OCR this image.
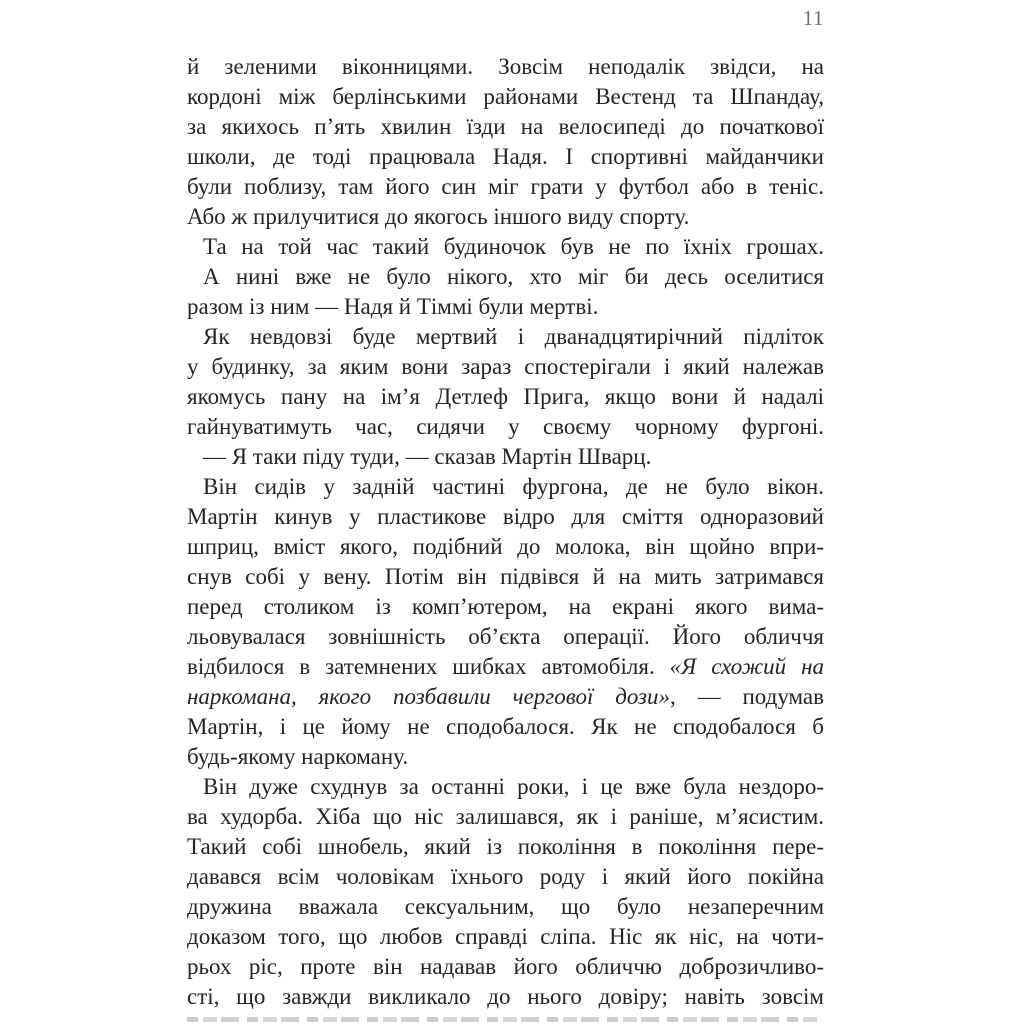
11

й зеленими віконницями. Зовсім неподалік звідси, на
кордоні між берлінськими районами Вестенд та Шпандау,
за якихось п’ять хвилин їзди на велосипеді до початкової
школи, де тоді працювала Надя. І спортивні майданчики
були поблизу, там його син міг грати у футбол або в теніс.
Або ж прилучитися до якогось іншого виду спорту.

Та на той час такий будиночок був не по їхніх грошах.

А нині вже не було нікого, хто міг би десь оселитися
разом із ним — Надя й Тіммі були мертві.

Як невдовзі буде мертвий і дванадцятирічний підліток
у будинку, за яким вони зараз спостерігали і який належав
якомусь пану на ім’я Детлеф Прига, якщо вони й надалі
гайнуватимуть час, сидячи у своєму чорному фургоні.

— Я таки піду туди, — сказав Мартін Шварц.

Він сидів у задній частині фургона, де не було вікон.
Мартін кинув у пластикове відро для сміття одноразовий
шприц, вміст якого, подібний до молока, він щойно впри-
снув собі у вену. Потім він підвівся й на мить затримався
перед столиком із комп’ютером, на екрані якого вима-
льовувалася зовнішність об’єкта операції. Його обличчя
відбилося в затемнених шибках автомобіля. «Я схожий на
наркомана, якого позбавили чергової дози», — подумав
Мартін, і це йому не сподобалося. Як не сподобалося б
будь-якому наркоману.

Він дуже схуднув за останні роки, і це вже була нездоро-
ва худорба. Хіба що ніс залишався, як і раніше, м’ясистим.
Такий собі шнобель, який із покоління в покоління пере-
давався всім чоловікам їхнього роду і який його покійна
дружина вважала сексуальним, що було незаперечним
доказом того, що любов справді сліпа. Ніс як ніс, на чоти-
рьох ріс, проте він надавав його обличчю доброзичливо-
сті, що завжди викликало до нього довіру; навіть зовсім
